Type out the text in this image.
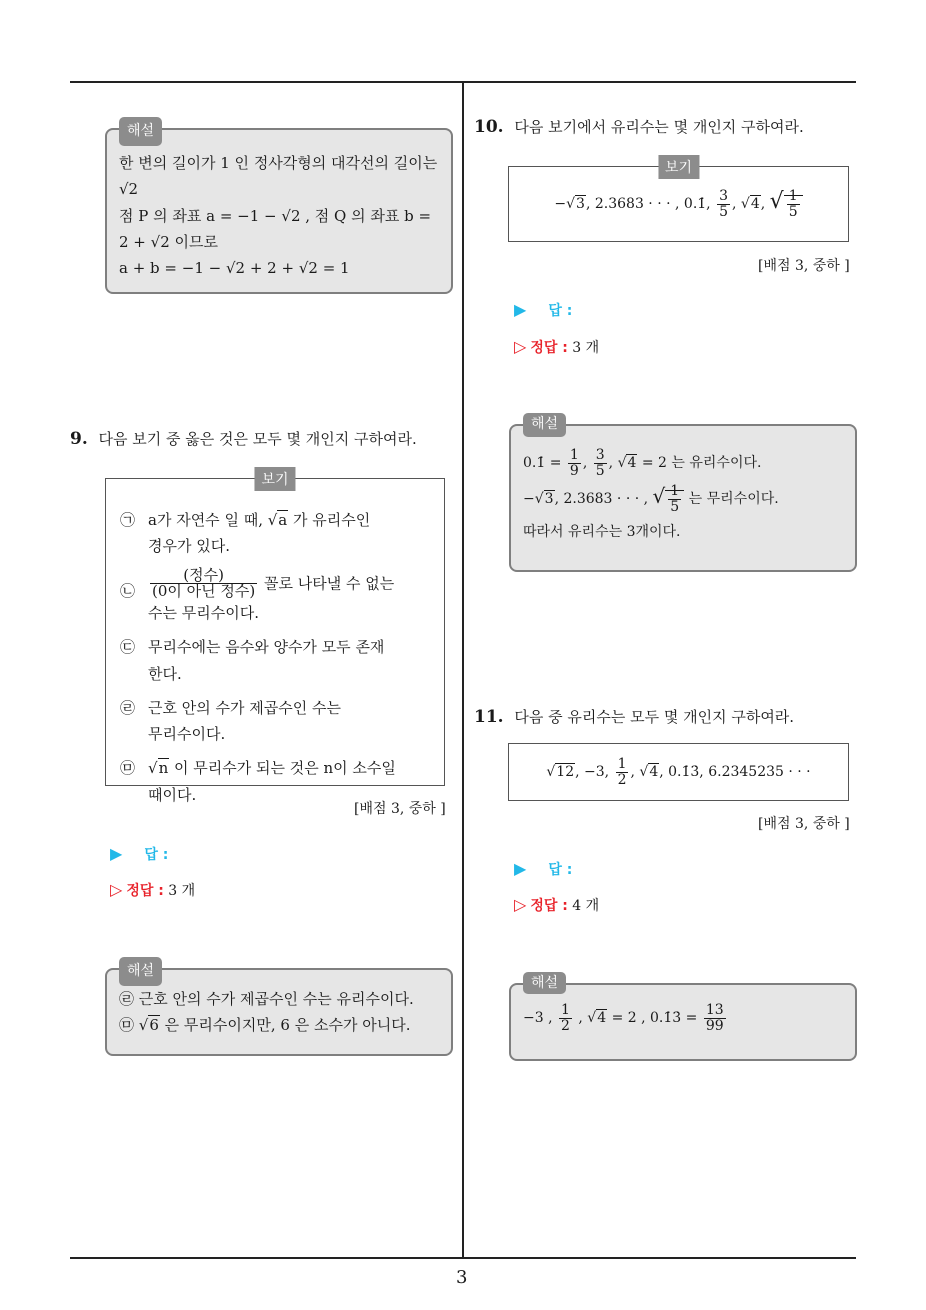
해설
한 변의 길이가 1 인 정사각형의 대각선의 길이는
√2
점 P 의 좌표 a = −1 − √2 , 점 Q 의 좌표 b =
2 + √2 이므로
a + b = −1 − √2 + 2 + √2 = 1
9. 다음 보기 중 옳은 것은 모두 몇 개인지 구하여라.
보기
㉠ a가 자연수 일 때, √a 가 유리수인
경우가 있다.
㉡ $\frac{\text{(정수)}}{\text{(0이 아닌 정수)}}$ 꼴로 나타낼 수 없는
수는 무리수이다.
㉢ 무리수에는 음수와 양수가 모두 존재
한다.
㉣ 근호 안의 수가 제곱수인 수는
무리수이다.
㉤ √n 이 무리수가 되는 것은 n이 소수일
때이다.
[배점 3, 중하 ]
▶ 답 :
▷ 정답 : 3 개
해설
㉣ 근호 안의 수가 제곱수인 수는 유리수이다.
㉤ √6 은 무리수이지만, 6 은 소수가 아니다.
10. 다음 보기에서 유리수는 몇 개인지 구하여라.
보기
− √3 , 2.3683 · · · , 0.1̇, $\frac{3}{5}$ , √4 , √ $\frac{1}{5}$
[배점 3, 중하 ]
▶ 답 :
▷ 정답 : 3 개
해설
0.1̇ = $\frac{1}{9}$ , $\frac{3}{5}$ , √4 = 2 는 유리수이다.
−√3, 2.3683 · · · , √ $\frac{1}{5}$ 는 무리수이다.
따라서 유리수는 3개이다.
11. 다음 중 유리수는 모두 몇 개인지 구하여라.
√12 , −3, $\frac{1}{2}$ , √4 , 0.1̇3̇, 6.2345235 · · ·
[배점 3, 중하 ]
▶ 답 :
▷ 정답 : 4 개
해설
−3 , $\frac{1}{2}$ , √4 = 2 , 0.1̇3̇ = $\frac{13}{99}$
3
